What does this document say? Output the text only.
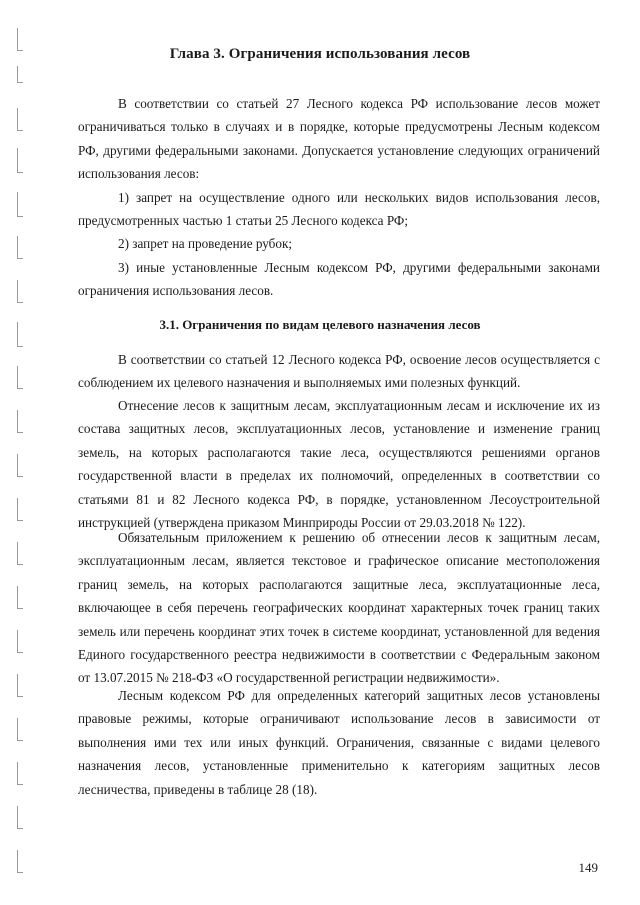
Глава 3. Ограничения использования лесов

В соответствии со статьей 27 Лесного кодекса РФ использование лесов может ограничиваться только в случаях и в порядке, которые предусмотрены Лесным кодексом РФ, другими федеральными законами. Допускается установление следующих ограничений использования лесов:

1) запрет на осуществление одного или нескольких видов использования лесов, предусмотренных частью 1 статьи 25 Лесного кодекса РФ;

2) запрет на проведение рубок;

3) иные установленные Лесным кодексом РФ, другими федеральными законами ограничения использования лесов.

3.1. Ограничения по видам целевого назначения лесов

В соответствии со статьей 12 Лесного кодекса РФ, освоение лесов осуществляется с соблюдением их целевого назначения и выполняемых ими полезных функций.

Отнесение лесов к защитным лесам, эксплуатационным лесам и исключение их из состава защитных лесов, эксплуатационных лесов, установление и изменение границ земель, на которых располагаются такие леса, осуществляются решениями органов государственной власти в пределах их полномочий, определенных в соответствии со статьями 81 и 82 Лесного кодекса РФ, в порядке, установленном Лесоустроительной инструкцией (утверждена приказом Минприроды России от 29.03.2018 № 122).

Обязательным приложением к решению об отнесении лесов к защитным лесам, эксплуатационным лесам, является текстовое и графическое описание местоположения границ земель, на которых располагаются защитные леса, эксплуатационные леса, включающее в себя перечень географических координат характерных точек границ таких земель или перечень координат этих точек в системе координат, установленной для ведения Единого государственного реестра недвижимости в соответствии с Федеральным законом от 13.07.2015 № 218-ФЗ «О государственной регистрации недвижимости».

Лесным кодексом РФ для определенных категорий защитных лесов установлены правовые режимы, которые ограничивают использование лесов в зависимости от выполнения ими тех или иных функций. Ограничения, связанные с видами целевого назначения лесов, установленные применительно к категориям защитных лесов лесничества, приведены в таблице 28 (18).

149
